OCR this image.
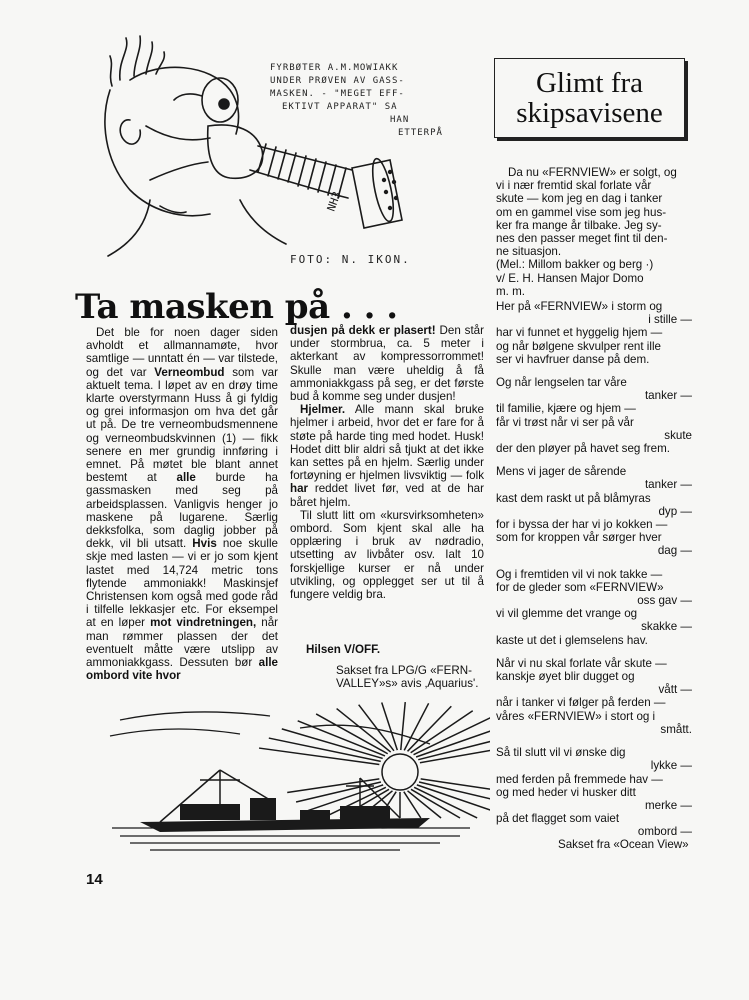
NH3
FYRBØTER A.M.MOWIAKK
UNDER PRØVEN AV GASS-
MASKEN. - "MEGET EFF-
EKTIVT APPARAT" SA
HAN
ETTERPÅ
FOTO: N. IKON.
Glimt fra
skipsavisene
Da nu «FERNVIEW» er solgt, og
vi i nær fremtid skal forlate vår
skute — kom jeg en dag i tanker
om en gammel vise som jeg hus-
ker fra mange år tilbake. Jeg sy-
nes den passer meget fint til den-
ne situasjon.
(Mel.: Millom bakker og berg ·)
v/ E. H. Hansen Major Domo
m. m.

Her på «FERNVIEW» i storm og

i stille —

har vi funnet et hyggelig hjem —

og når bølgene skvulper rent ille

ser vi havfruer danse på dem.

Og når lengselen tar våre

tanker —

til familie, kjære og hjem —

får vi trøst når vi ser på vår

skute

der den pløyer på havet seg frem.

Mens vi jager de sårende

tanker —

kast dem raskt ut på blåmyras

dyp —

for i byssa der har vi jo kokken —

som for kroppen vår sørger hver

dag —

Og i fremtiden vil vi nok takke —

for de gleder som «FERNVIEW»

oss gav —

vi vil glemme det vrange og

skakke —

kaste ut det i glemselens hav.

Når vi nu skal forlate vår skute —

kanskje øyet blir dugget og

vått —

når i tanker vi følger på ferden —

våres «FERNVIEW» i stort og i

smått.

Så til slutt vil vi ønske dig

lykke —

med ferden på fremmede hav —

og med heder vi husker ditt

merke —

på det flagget som vaiet

ombord —

Sakset fra «Ocean View»
Ta masken på . . .

Det ble for noen dager siden avholdt et allmannamøte, hvor samtlige — unntatt én — var tilstede, og det var Verneombud som var aktuelt tema. I løpet av en drøy time klarte overstyrmann Huss å gi fyldig og grei informasjon om hva det går ut på. De tre verneombudsmennene og verneombudskvinnen (1) — fikk senere en mer grundig innføring i emnet. På møtet ble blant annet bestemt at alle burde ha gassmasken med seg på arbeidsplassen. Vanligvis henger jo maskene på lugarene. Særlig dekksfolka, som daglig jobber på dekk, vil bli utsatt. Hvis noe skulle skje med lasten — vi er jo som kjent lastet med 14,724 metric tons flytende ammoniakk! Maskinsjef Christensen kom også med gode råd i tilfelle lekkasjer etc. For eksempel at en løper mot vindretningen, når man rømmer plassen der det eventuelt måtte være utslipp av ammoniakkgass. Dessuten bør alle ombord vite hvor

dusjen på dekk er plasert! Den står under stormbrua, ca. 5 meter i akterkant av kompressorrommet! Skulle man være uheldig å få ammoniakkgass på seg, er det første bud å komme seg under dusjen!

Hjelmer. Alle mann skal bruke hjelmer i arbeid, hvor det er fare for å støte på harde ting med hodet. Husk! Hodet ditt blir aldri så tjukt at det ikke kan settes på en hjelm. Særlig under fortøyning er hjelmen livsviktig — folk har reddet livet før, ved at de har båret hjelm.

Til slutt litt om «kursvirksomheten» ombord. Som kjent skal alle ha opplæring i bruk av nødradio, utsetting av livbåter osv. Ialt 10 forskjellige kurser er nå under utvikling, og opplegget ser ut til å fungere veldig bra.

Hilsen V/OFF.
Sakset fra LPG/G «FERN-
VALLEY»s» avis ‚Aquarius'.
14
